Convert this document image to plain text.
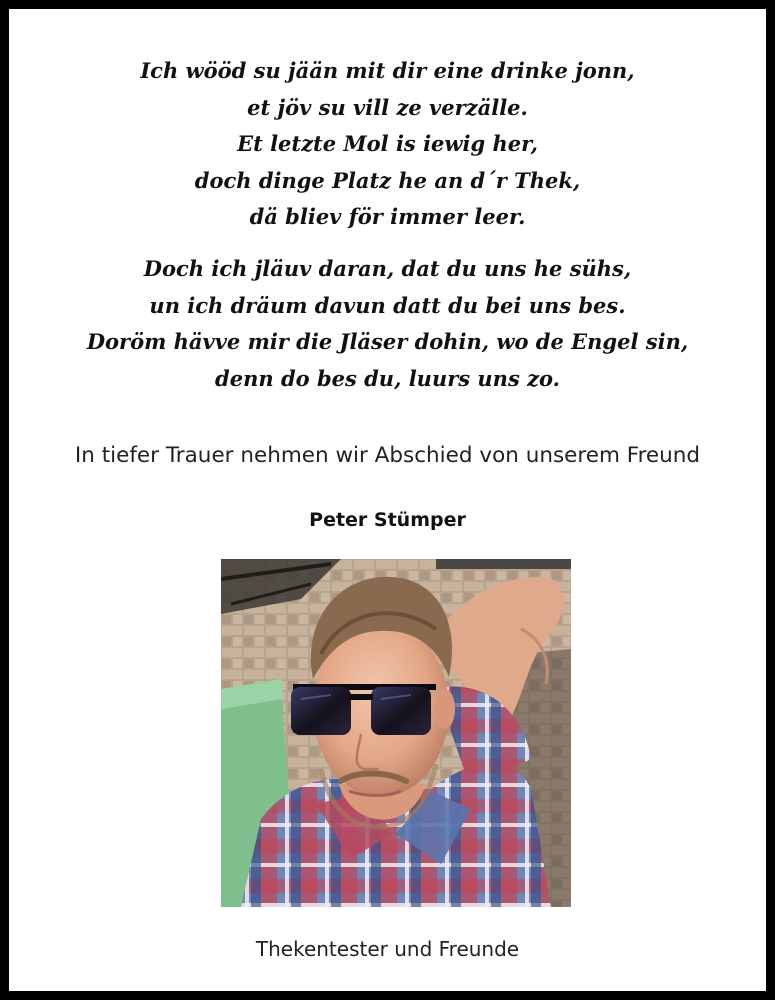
Ich wööd su jään mit dir eine drinke jonn,
et jöv su vill ze verzälle.
Et letzte Mol is iewig her,
doch dinge Platz he an d´r Thek,
dä bliev för immer leer.
Doch ich jläuv daran, dat du uns he sühs,
un ich dräum davun datt du bei uns bes.
Doröm hävve mir die Jläser dohin, wo de Engel sin,
denn do bes du, luurs uns zo.
In tiefer Trauer nehmen wir Abschied von unserem Freund
Peter Stümper
Thekentester und Freunde
